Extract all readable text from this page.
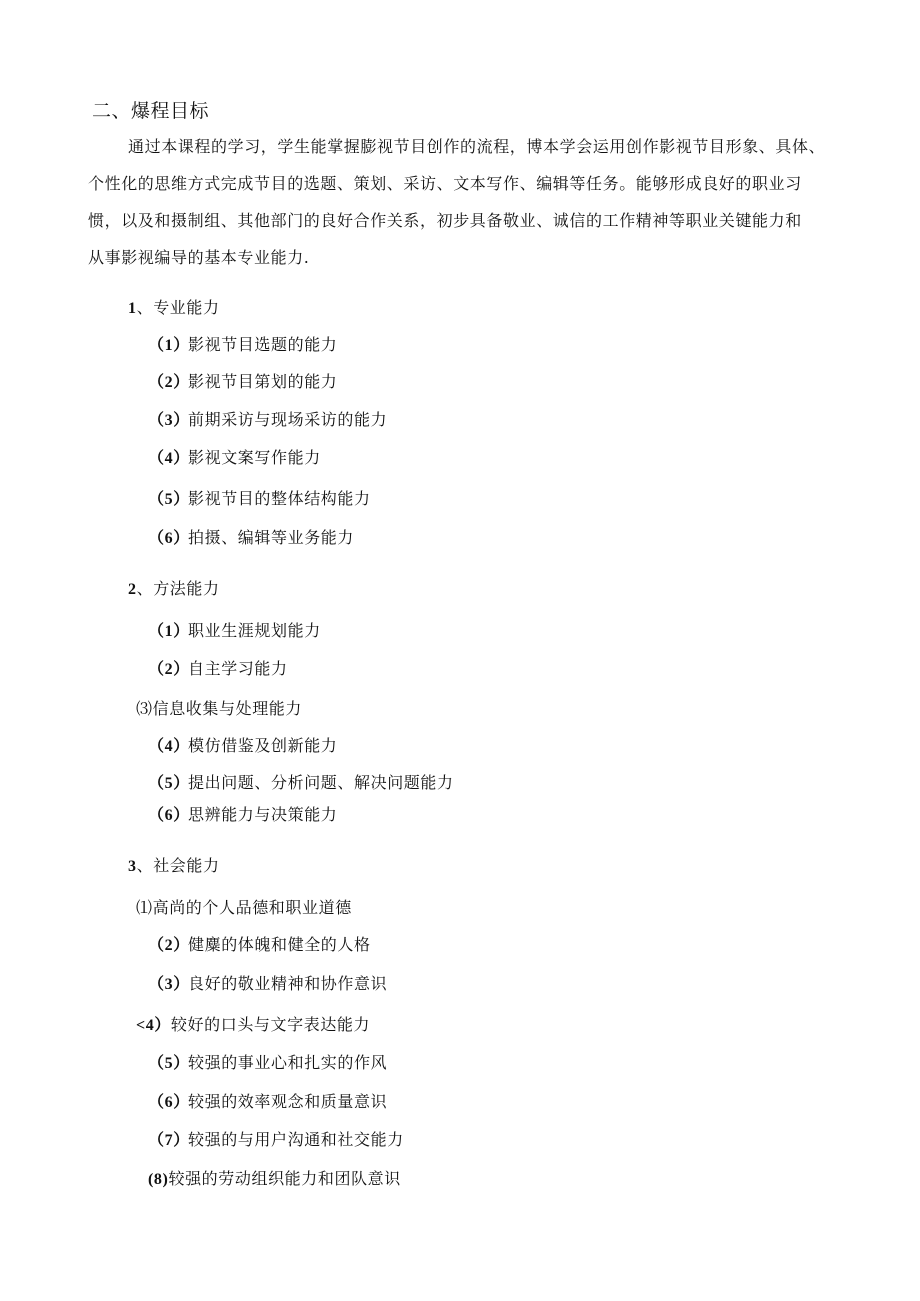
二、爆程目标
通过本课程的学习，学生能掌握膨视节目创作的流程，博本学会运用创作影视节目形象、具体、
个性化的思维方式完成节目的选题、策划、采访、文本写作、编辑等任务。能够形成良好的职业习
惯，以及和摄制组、其他部门的良好合作关系，初步具备敬业、诚信的工作精神等职业关键能力和
从事影视编导的基本专业能力.
1、专业能力
（1）影视节目选题的能力
（2）影视节目第划的能力
（3）前期采访与现场采访的能力
（4）影视文案写作能力
（5）影视节目的整体结构能力
（6）拍摄、编辑等业务能力
2、方法能力
（1）职业生涯规划能力
（2）自主学习能力
⑶信息收集与处理能力
（4）模仿借鉴及创新能力
（5）提出问题、分析问题、解决问题能力
（6）思辨能力与决策能力
3、社会能力
⑴高尚的个人品德和职业道德
（2）健麋的体魄和健全的人格
（3）良好的敬业精神和协作意识
<4）较好的口头与文字表达能力
（5）较强的事业心和扎实的作风
（6）较强的效率观念和质量意识
（7）较强的与用户沟通和社交能力
(8)较强的劳动组织能力和团队意识
